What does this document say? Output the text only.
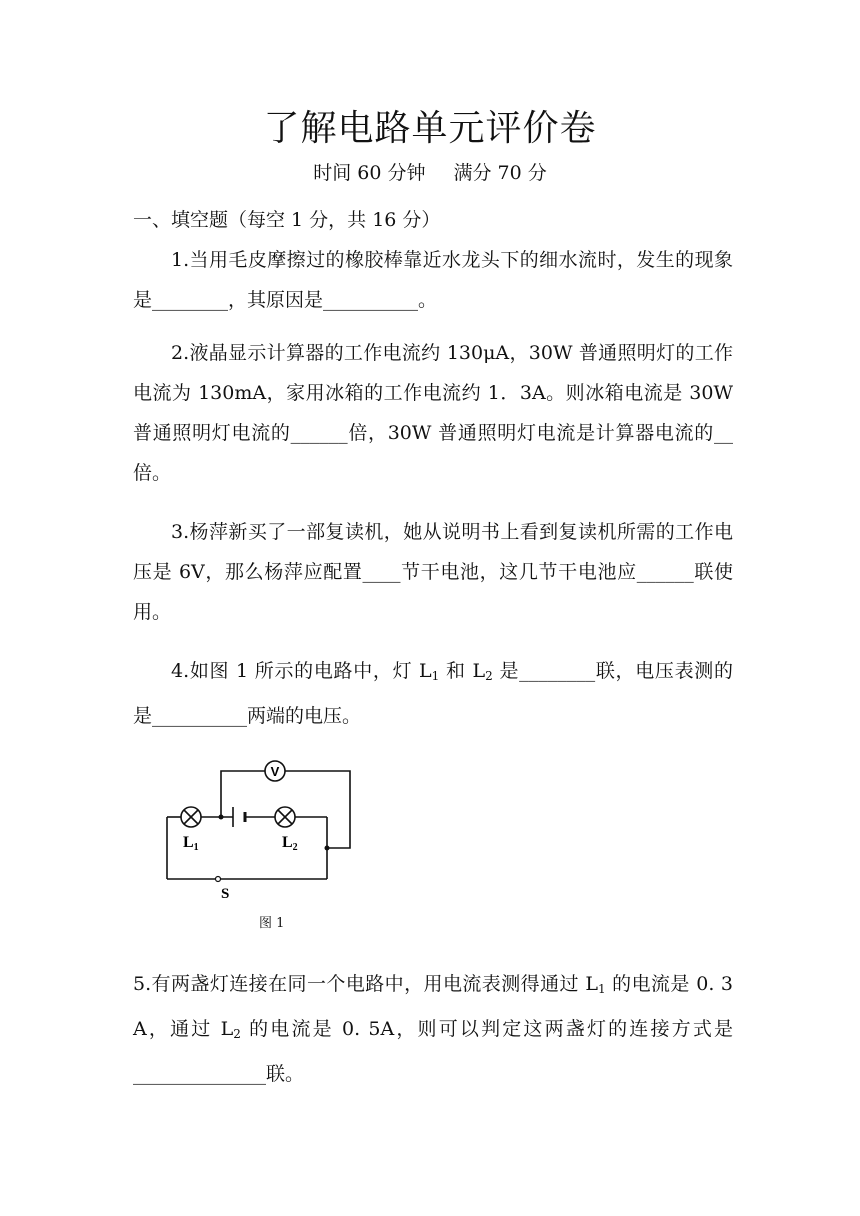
了解电路单元评价卷
时间 60 分钟 满分 70 分
一、填空题（每空 1 分，共 16 分）
1.当用毛皮摩擦过的橡胶棒靠近水龙头下的细水流时，发生的现象是________，其原因是__________。
2.液晶显示计算器的工作电流约 130μA，30W 普通照明灯的工作电流为 130mA，家用冰箱的工作电流约 1．3A。则冰箱电流是 30W 普通照明灯电流的______倍，30W 普通照明灯电流是计算器电流的__倍。
3.杨萍新买了一部复读机，她从说明书上看到复读机所需的工作电压是 6V，那么杨萍应配置____节干电池，这几节干电池应______联使用。
4.如图 1 所示的电路中，灯 $L_1$ 和 $L_2$ 是________联，电压表测的是__________两端的电压。
V
L1	L2
S
图 1
5.有两盏灯连接在同一个电路中，用电流表测得通过 $L_1$ 的电流是 0. 3 A，通过 $L_2$ 的电流是 0. 5A，则可以判定这两盏灯的连接方式是______________联。
